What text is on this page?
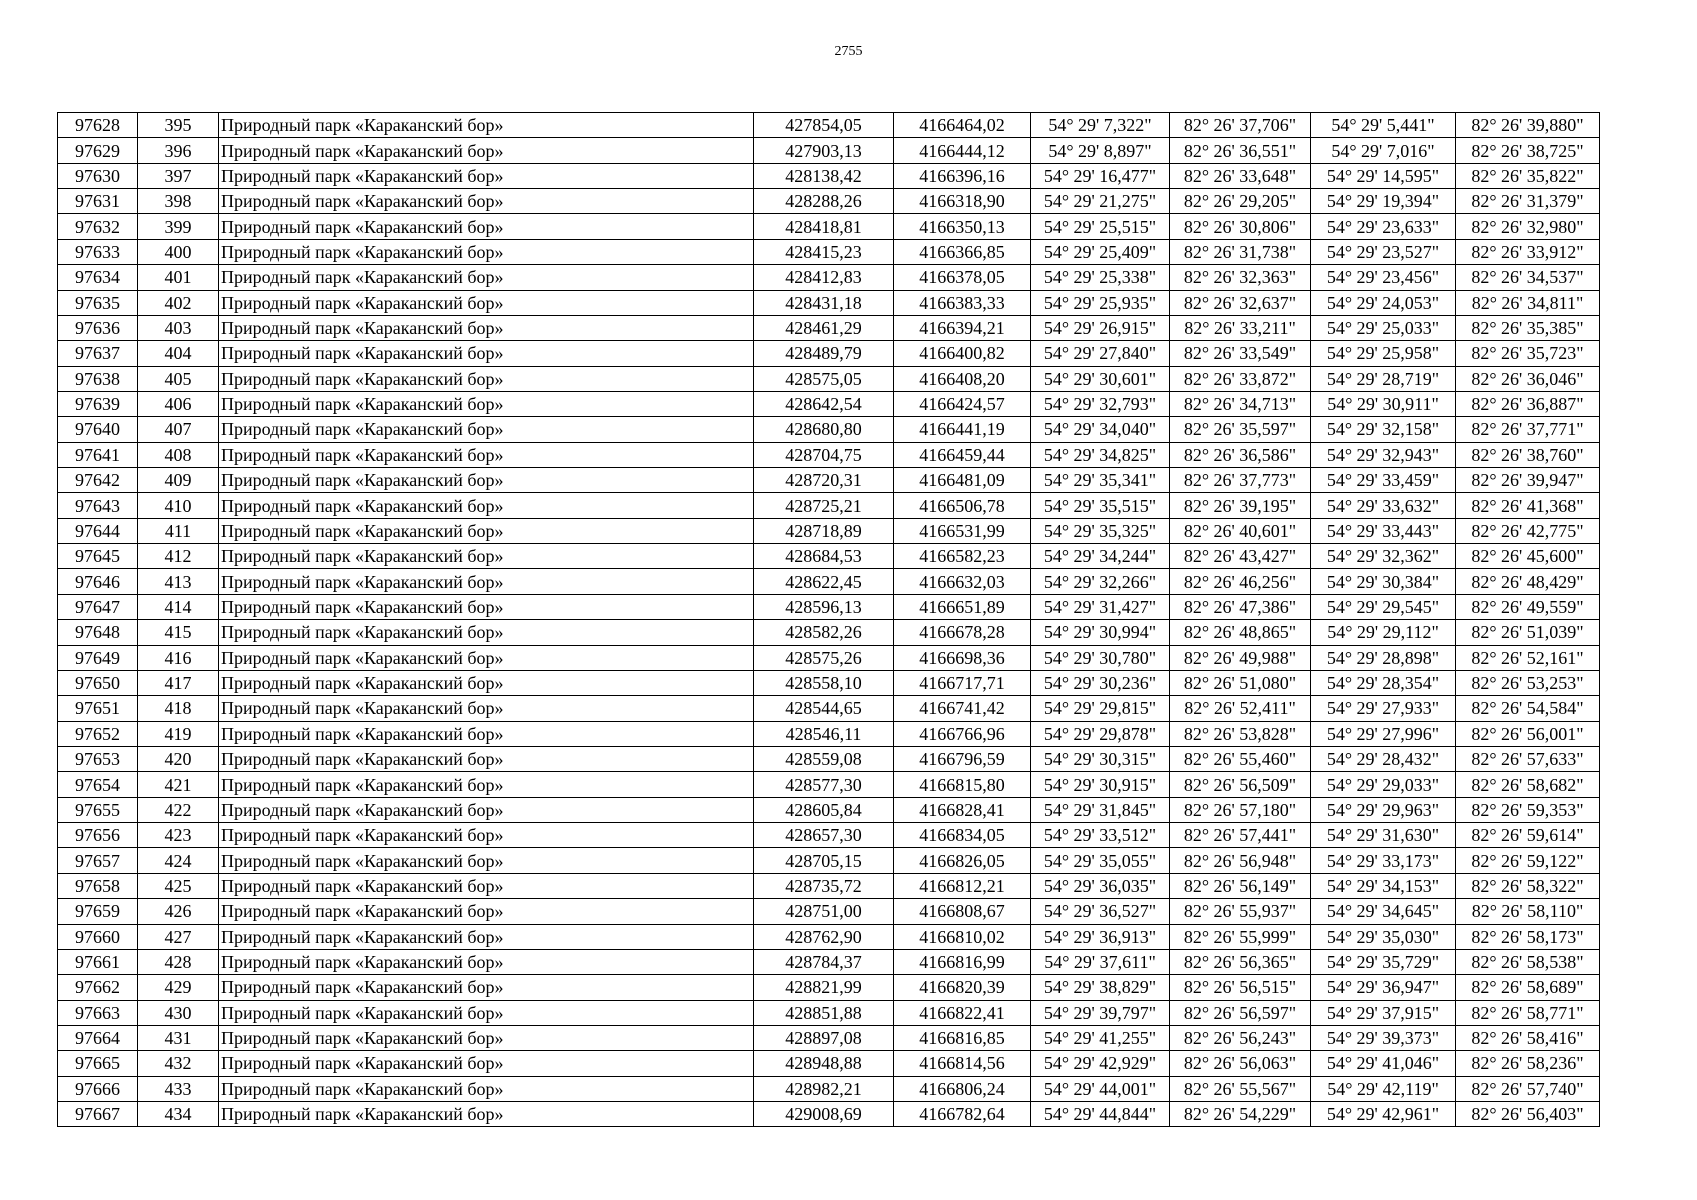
2755
97628	395	Природный парк «Караканский бор»	427854,05	4166464,02	54° 29' 7,322"	82° 26' 37,706"	54° 29' 5,441"	82° 26' 39,880"
97629	396	Природный парк «Караканский бор»	427903,13	4166444,12	54° 29' 8,897"	82° 26' 36,551"	54° 29' 7,016"	82° 26' 38,725"
97630	397	Природный парк «Караканский бор»	428138,42	4166396,16	54° 29' 16,477"	82° 26' 33,648"	54° 29' 14,595"	82° 26' 35,822"
97631	398	Природный парк «Караканский бор»	428288,26	4166318,90	54° 29' 21,275"	82° 26' 29,205"	54° 29' 19,394"	82° 26' 31,379"
97632	399	Природный парк «Караканский бор»	428418,81	4166350,13	54° 29' 25,515"	82° 26' 30,806"	54° 29' 23,633"	82° 26' 32,980"
97633	400	Природный парк «Караканский бор»	428415,23	4166366,85	54° 29' 25,409"	82° 26' 31,738"	54° 29' 23,527"	82° 26' 33,912"
97634	401	Природный парк «Караканский бор»	428412,83	4166378,05	54° 29' 25,338"	82° 26' 32,363"	54° 29' 23,456"	82° 26' 34,537"
97635	402	Природный парк «Караканский бор»	428431,18	4166383,33	54° 29' 25,935"	82° 26' 32,637"	54° 29' 24,053"	82° 26' 34,811"
97636	403	Природный парк «Караканский бор»	428461,29	4166394,21	54° 29' 26,915"	82° 26' 33,211"	54° 29' 25,033"	82° 26' 35,385"
97637	404	Природный парк «Караканский бор»	428489,79	4166400,82	54° 29' 27,840"	82° 26' 33,549"	54° 29' 25,958"	82° 26' 35,723"
97638	405	Природный парк «Караканский бор»	428575,05	4166408,20	54° 29' 30,601"	82° 26' 33,872"	54° 29' 28,719"	82° 26' 36,046"
97639	406	Природный парк «Караканский бор»	428642,54	4166424,57	54° 29' 32,793"	82° 26' 34,713"	54° 29' 30,911"	82° 26' 36,887"
97640	407	Природный парк «Караканский бор»	428680,80	4166441,19	54° 29' 34,040"	82° 26' 35,597"	54° 29' 32,158"	82° 26' 37,771"
97641	408	Природный парк «Караканский бор»	428704,75	4166459,44	54° 29' 34,825"	82° 26' 36,586"	54° 29' 32,943"	82° 26' 38,760"
97642	409	Природный парк «Караканский бор»	428720,31	4166481,09	54° 29' 35,341"	82° 26' 37,773"	54° 29' 33,459"	82° 26' 39,947"
97643	410	Природный парк «Караканский бор»	428725,21	4166506,78	54° 29' 35,515"	82° 26' 39,195"	54° 29' 33,632"	82° 26' 41,368"
97644	411	Природный парк «Караканский бор»	428718,89	4166531,99	54° 29' 35,325"	82° 26' 40,601"	54° 29' 33,443"	82° 26' 42,775"
97645	412	Природный парк «Караканский бор»	428684,53	4166582,23	54° 29' 34,244"	82° 26' 43,427"	54° 29' 32,362"	82° 26' 45,600"
97646	413	Природный парк «Караканский бор»	428622,45	4166632,03	54° 29' 32,266"	82° 26' 46,256"	54° 29' 30,384"	82° 26' 48,429"
97647	414	Природный парк «Караканский бор»	428596,13	4166651,89	54° 29' 31,427"	82° 26' 47,386"	54° 29' 29,545"	82° 26' 49,559"
97648	415	Природный парк «Караканский бор»	428582,26	4166678,28	54° 29' 30,994"	82° 26' 48,865"	54° 29' 29,112"	82° 26' 51,039"
97649	416	Природный парк «Караканский бор»	428575,26	4166698,36	54° 29' 30,780"	82° 26' 49,988"	54° 29' 28,898"	82° 26' 52,161"
97650	417	Природный парк «Караканский бор»	428558,10	4166717,71	54° 29' 30,236"	82° 26' 51,080"	54° 29' 28,354"	82° 26' 53,253"
97651	418	Природный парк «Караканский бор»	428544,65	4166741,42	54° 29' 29,815"	82° 26' 52,411"	54° 29' 27,933"	82° 26' 54,584"
97652	419	Природный парк «Караканский бор»	428546,11	4166766,96	54° 29' 29,878"	82° 26' 53,828"	54° 29' 27,996"	82° 26' 56,001"
97653	420	Природный парк «Караканский бор»	428559,08	4166796,59	54° 29' 30,315"	82° 26' 55,460"	54° 29' 28,432"	82° 26' 57,633"
97654	421	Природный парк «Караканский бор»	428577,30	4166815,80	54° 29' 30,915"	82° 26' 56,509"	54° 29' 29,033"	82° 26' 58,682"
97655	422	Природный парк «Караканский бор»	428605,84	4166828,41	54° 29' 31,845"	82° 26' 57,180"	54° 29' 29,963"	82° 26' 59,353"
97656	423	Природный парк «Караканский бор»	428657,30	4166834,05	54° 29' 33,512"	82° 26' 57,441"	54° 29' 31,630"	82° 26' 59,614"
97657	424	Природный парк «Караканский бор»	428705,15	4166826,05	54° 29' 35,055"	82° 26' 56,948"	54° 29' 33,173"	82° 26' 59,122"
97658	425	Природный парк «Караканский бор»	428735,72	4166812,21	54° 29' 36,035"	82° 26' 56,149"	54° 29' 34,153"	82° 26' 58,322"
97659	426	Природный парк «Караканский бор»	428751,00	4166808,67	54° 29' 36,527"	82° 26' 55,937"	54° 29' 34,645"	82° 26' 58,110"
97660	427	Природный парк «Караканский бор»	428762,90	4166810,02	54° 29' 36,913"	82° 26' 55,999"	54° 29' 35,030"	82° 26' 58,173"
97661	428	Природный парк «Караканский бор»	428784,37	4166816,99	54° 29' 37,611"	82° 26' 56,365"	54° 29' 35,729"	82° 26' 58,538"
97662	429	Природный парк «Караканский бор»	428821,99	4166820,39	54° 29' 38,829"	82° 26' 56,515"	54° 29' 36,947"	82° 26' 58,689"
97663	430	Природный парк «Караканский бор»	428851,88	4166822,41	54° 29' 39,797"	82° 26' 56,597"	54° 29' 37,915"	82° 26' 58,771"
97664	431	Природный парк «Караканский бор»	428897,08	4166816,85	54° 29' 41,255"	82° 26' 56,243"	54° 29' 39,373"	82° 26' 58,416"
97665	432	Природный парк «Караканский бор»	428948,88	4166814,56	54° 29' 42,929"	82° 26' 56,063"	54° 29' 41,046"	82° 26' 58,236"
97666	433	Природный парк «Караканский бор»	428982,21	4166806,24	54° 29' 44,001"	82° 26' 55,567"	54° 29' 42,119"	82° 26' 57,740"
97667	434	Природный парк «Караканский бор»	429008,69	4166782,64	54° 29' 44,844"	82° 26' 54,229"	54° 29' 42,961"	82° 26' 56,403"
